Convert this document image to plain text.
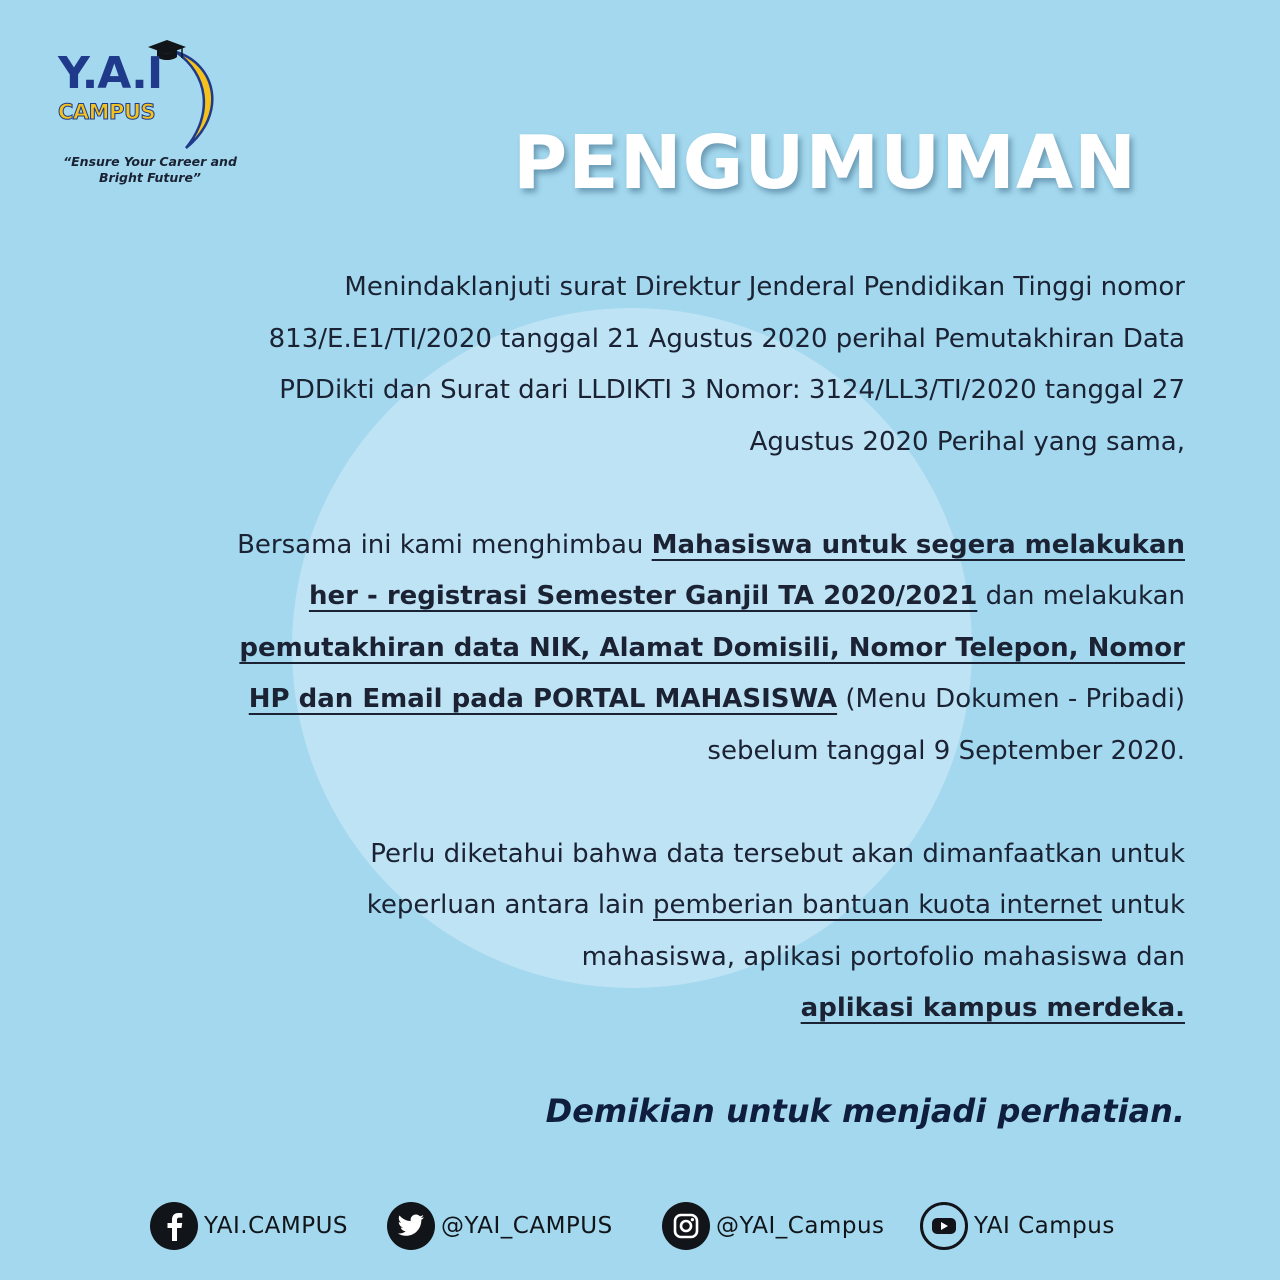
Y.A.I
CAMPUS
“Ensure Your Career and
Bright Future”	PENGUMUMAN
Menindaklanjuti surat Direktur Jenderal Pendidikan Tinggi nomor
813/E.E1/TI/2020 tanggal 21 Agustus 2020 perihal Pemutakhiran Data
PDDikti dan Surat dari LLDIKTI 3 Nomor: 3124/LL3/TI/2020 tanggal 27
Agustus 2020 Perihal yang sama,
Bersama ini kami menghimbau Mahasiswa untuk segera melakukan
her - registrasi Semester Ganjil TA 2020/2021 dan melakukan
pemutakhiran data NIK, Alamat Domisili, Nomor Telepon, Nomor
HP dan Email pada PORTAL MAHASISWA (Menu Dokumen - Pribadi)
sebelum tanggal 9 September 2020.
Perlu diketahui bahwa data tersebut akan dimanfaatkan untuk
keperluan antara lain pemberian bantuan kuota internet untuk
mahasiswa, aplikasi portofolio mahasiswa dan
aplikasi kampus merdeka.
Demikian untuk menjadi perhatian.
YAI.CAMPUS	@YAI_CAMPUS	@YAI_Campus	YAI Campus
